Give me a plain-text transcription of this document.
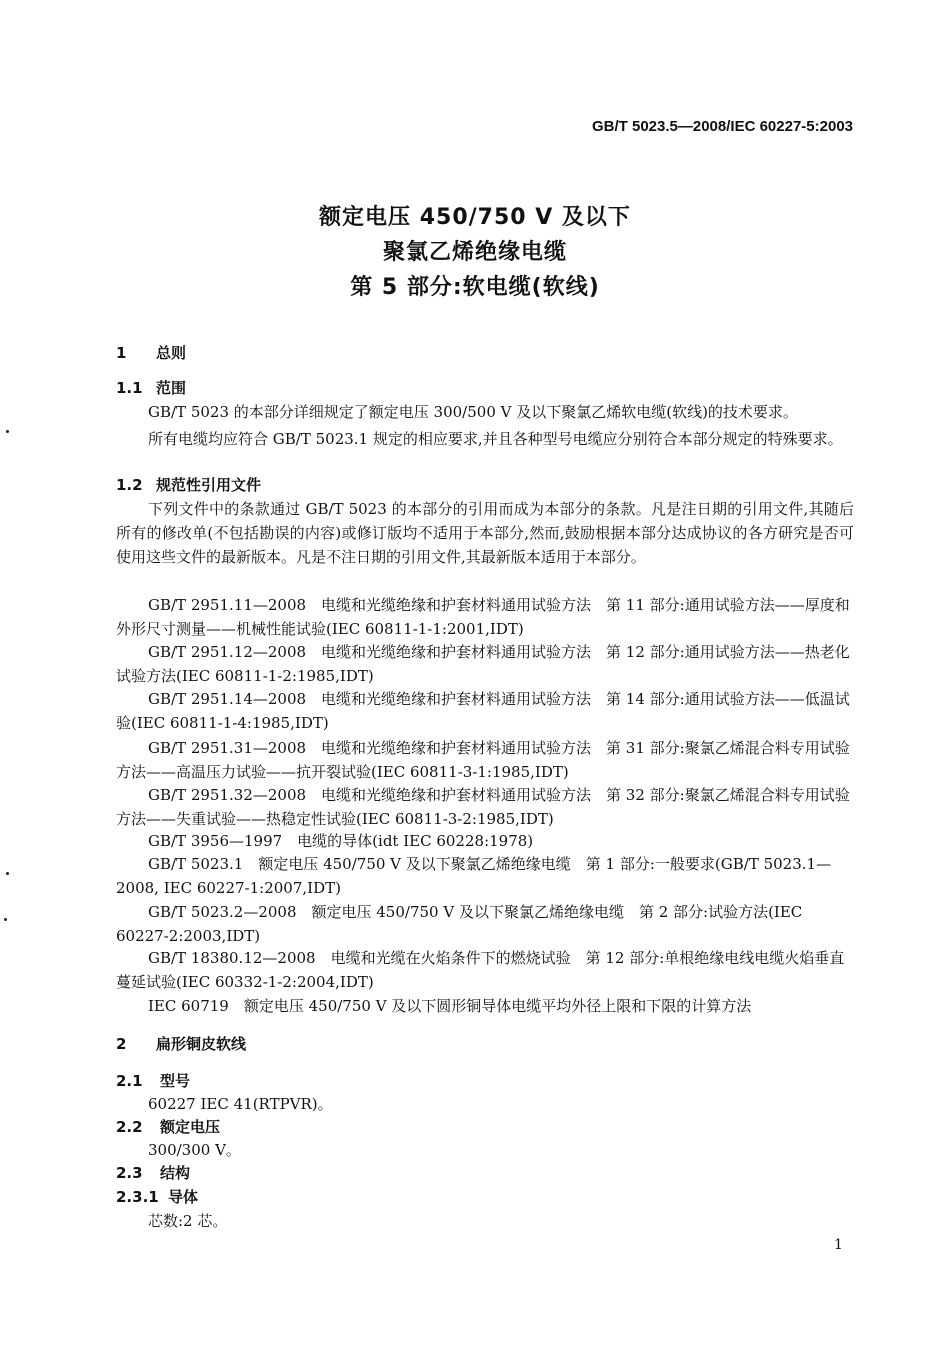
GB/T 5023.5—2008/IEC 60227-5:2003
额定电压 450/750 V 及以下
聚氯乙烯绝缘电缆
第 5 部分:软电缆(软线)
1 总则
1.1 范围
GB/T 5023 的本部分详细规定了额定电压 300/500 V 及以下聚氯乙烯软电缆(软线)的技术要求。
所有电缆均应符合 GB/T 5023.1 规定的相应要求,并且各种型号电缆应分别符合本部分规定的特殊要求。
1.2 规范性引用文件
下列文件中的条款通过 GB/T 5023 的本部分的引用而成为本部分的条款。凡是注日期的引用文件,其随后所有的修改单(不包括勘误的内容)或修订版均不适用于本部分,然而,鼓励根据本部分达成协议的各方研究是否可使用这些文件的最新版本。凡是不注日期的引用文件,其最新版本适用于本部分。
GB/T 2951.11—2008　电缆和光缆绝缘和护套材料通用试验方法　第 11 部分:通用试验方法——厚度和外形尺寸测量——机械性能试验(IEC 60811-1-1:2001,IDT)
GB/T 2951.12—2008　电缆和光缆绝缘和护套材料通用试验方法　第 12 部分:通用试验方法——热老化试验方法(IEC 60811-1-2:1985,IDT)
GB/T 2951.14—2008　电缆和光缆绝缘和护套材料通用试验方法　第 14 部分:通用试验方法——低温试验(IEC 60811-1-4:1985,IDT)
GB/T 2951.31—2008　电缆和光缆绝缘和护套材料通用试验方法　第 31 部分:聚氯乙烯混合料专用试验方法——高温压力试验——抗开裂试验(IEC 60811-3-1:1985,IDT)
GB/T 2951.32—2008　电缆和光缆绝缘和护套材料通用试验方法　第 32 部分:聚氯乙烯混合料专用试验方法——失重试验——热稳定性试验(IEC 60811-3-2:1985,IDT)
GB/T 3956—1997　电缆的导体(idt IEC 60228:1978)
GB/T 5023.1　额定电压 450/750 V 及以下聚氯乙烯绝缘电缆　第 1 部分:一般要求(GB/T 5023.1—2008, IEC 60227-1:2007,IDT)
GB/T 5023.2—2008　额定电压 450/750 V 及以下聚氯乙烯绝缘电缆　第 2 部分:试验方法(IEC 60227-2:2003,IDT)
GB/T 18380.12—2008　电缆和光缆在火焰条件下的燃烧试验　第 12 部分:单根绝缘电线电缆火焰垂直蔓延试验(IEC 60332-1-2:2004,IDT)
IEC 60719　额定电压 450/750 V 及以下圆形铜导体电缆平均外径上限和下限的计算方法
2 扁形铜皮软线
2.1 型号
60227 IEC 41(RTPVR)。
2.2 额定电压
300/300 V。
2.3 结构
2.3.1 导体
芯数:2 芯。
1
